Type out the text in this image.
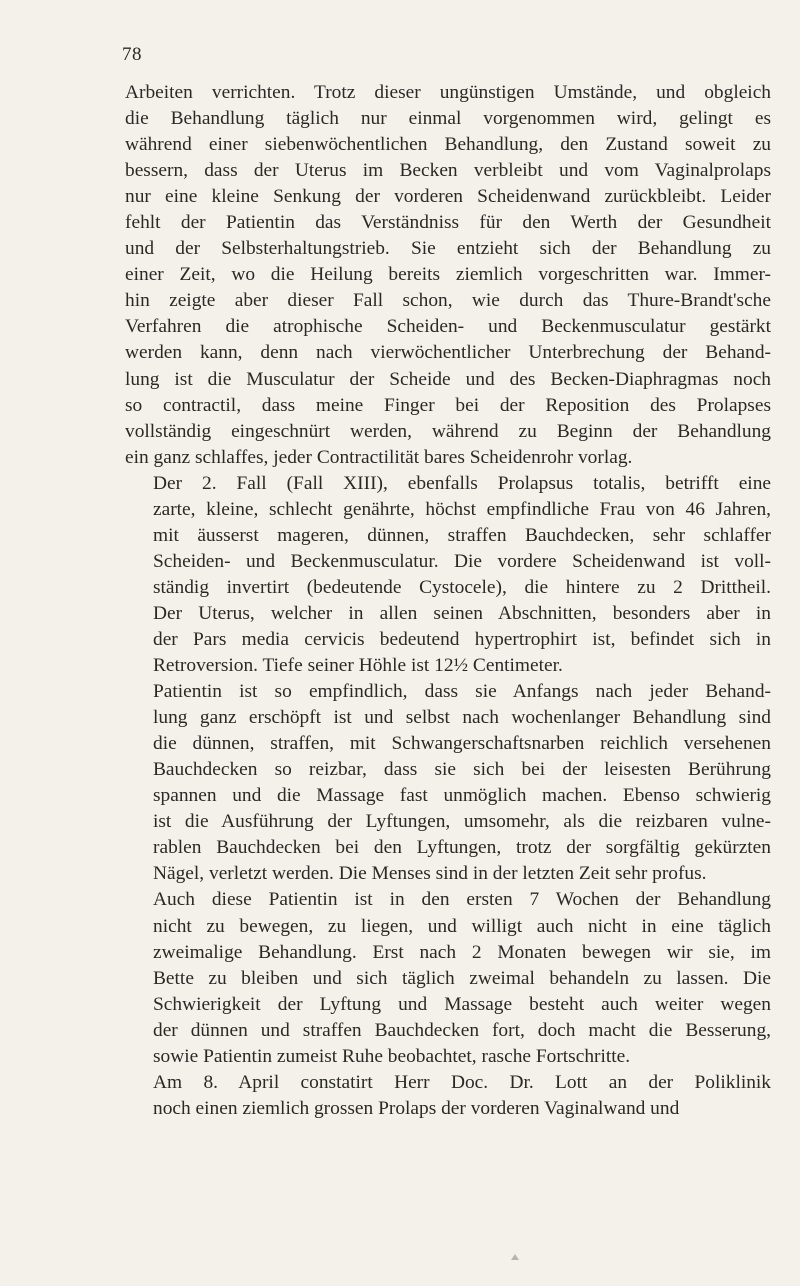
78

Arbeiten verrichten. Trotz dieser ungünstigen Umstände, und obgleich
die Behandlung täglich nur einmal vorgenommen wird, gelingt es
während einer siebenwöchentlichen Behandlung, den Zustand soweit zu
bessern, dass der Uterus im Becken verbleibt und vom Vaginalprolaps
nur eine kleine Senkung der vorderen Scheidenwand zurückbleibt. Leider
fehlt der Patientin das Verständniss für den Werth der Gesundheit
und der Selbsterhaltungstrieb. Sie entzieht sich der Behandlung zu
einer Zeit, wo die Heilung bereits ziemlich vorgeschritten war. Immer-
hin zeigte aber dieser Fall schon, wie durch das Thure-Brandt'sche
Verfahren die atrophische Scheiden- und Beckenmusculatur gestärkt
werden kann, denn nach vierwöchentlicher Unterbrechung der Behand-
lung ist die Musculatur der Scheide und des Becken-Diaphragmas noch
so contractil, dass meine Finger bei der Reposition des Prolapses
vollständig eingeschnürt werden, während zu Beginn der Behandlung
ein ganz schlaffes, jeder Contractilität bares Scheidenrohr vorlag.

Der 2. Fall (Fall XIII), ebenfalls Prolapsus totalis, betrifft eine
zarte, kleine, schlecht genährte, höchst empfindliche Frau von 46 Jahren,
mit äusserst mageren, dünnen, straffen Bauchdecken, sehr schlaffer
Scheiden- und Beckenmusculatur. Die vordere Scheidenwand ist voll-
ständig invertirt (bedeutende Cystocele), die hintere zu 2 Drittheil.
Der Uterus, welcher in allen seinen Abschnitten, besonders aber in
der Pars media cervicis bedeutend hypertrophirt ist, befindet sich in
Retroversion. Tiefe seiner Höhle ist 12½ Centimeter.

Patientin ist so empfindlich, dass sie Anfangs nach jeder Behand-
lung ganz erschöpft ist und selbst nach wochenlanger Behandlung sind
die dünnen, straffen, mit Schwangerschaftsnarben reichlich versehenen
Bauchdecken so reizbar, dass sie sich bei der leisesten Berührung
spannen und die Massage fast unmöglich machen. Ebenso schwierig
ist die Ausführung der Lyftungen, umsomehr, als die reizbaren vulne-
rablen Bauchdecken bei den Lyftungen, trotz der sorgfältig gekürzten
Nägel, verletzt werden. Die Menses sind in der letzten Zeit sehr profus.

Auch diese Patientin ist in den ersten 7 Wochen der Behandlung
nicht zu bewegen, zu liegen, und willigt auch nicht in eine täglich
zweimalige Behandlung. Erst nach 2 Monaten bewegen wir sie, im
Bette zu bleiben und sich täglich zweimal behandeln zu lassen. Die
Schwierigkeit der Lyftung und Massage besteht auch weiter wegen
der dünnen und straffen Bauchdecken fort, doch macht die Besserung,
sowie Patientin zumeist Ruhe beobachtet, rasche Fortschritte.

Am 8. April constatirt Herr Doc. Dr. Lott an der Poliklinik
noch einen ziemlich grossen Prolaps der vorderen Vaginalwand und
